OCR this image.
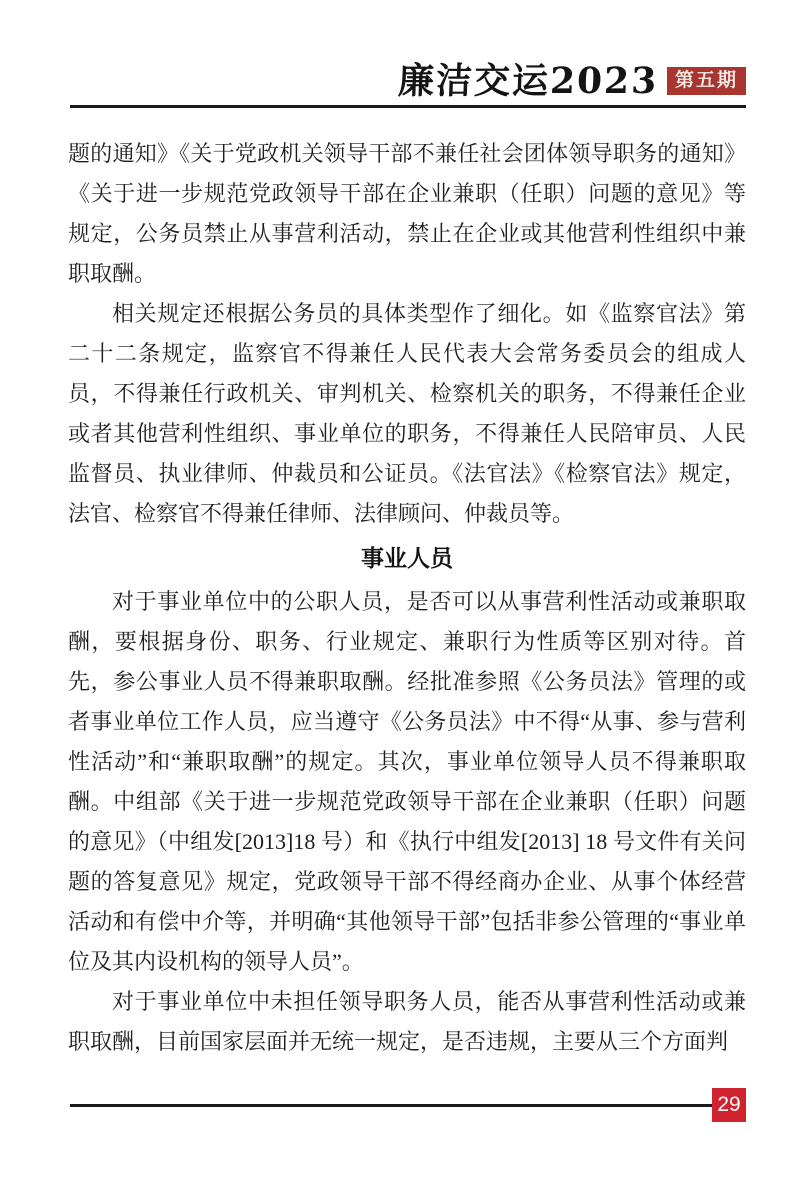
廉洁交运2023 第五期

题的通知》《关于党政机关领导干部不兼任社会团体领导职务的通知》《关于进一步规范党政领导干部在企业兼职（任职）问题的意见》等规定，公务员禁止从事营利活动，禁止在企业或其他营利性组织中兼职取酬。

相关规定还根据公务员的具体类型作了细化。如《监察官法》第二十二条规定，监察官不得兼任人民代表大会常务委员会的组成人员，不得兼任行政机关、审判机关、检察机关的职务，不得兼任企业或者其他营利性组织、事业单位的职务，不得兼任人民陪审员、人民监督员、执业律师、仲裁员和公证员。《法官法》《检察官法》规定，法官、检察官不得兼任律师、法律顾问、仲裁员等。

事业人员

对于事业单位中的公职人员，是否可以从事营利性活动或兼职取酬，要根据身份、职务、行业规定、兼职行为性质等区别对待。首先，参公事业人员不得兼职取酬。经批准参照《公务员法》管理的或者事业单位工作人员，应当遵守《公务员法》中不得“从事、参与营利性活动”和“兼职取酬”的规定。其次，事业单位领导人员不得兼职取酬。中组部《关于进一步规范党政领导干部在企业兼职（任职）问题的意见》（中组发[2013]18 号）和《执行中组发[2013] 18 号文件有关问题的答复意见》规定，党政领导干部不得经商办企业、从事个体经营活动和有偿中介等，并明确“其他领导干部”包括非参公管理的“事业单位及其内设机构的领导人员”。

对于事业单位中未担任领导职务人员，能否从事营利性活动或兼职取酬，目前国家层面并无统一规定，是否违规，主要从三个方面判

29
